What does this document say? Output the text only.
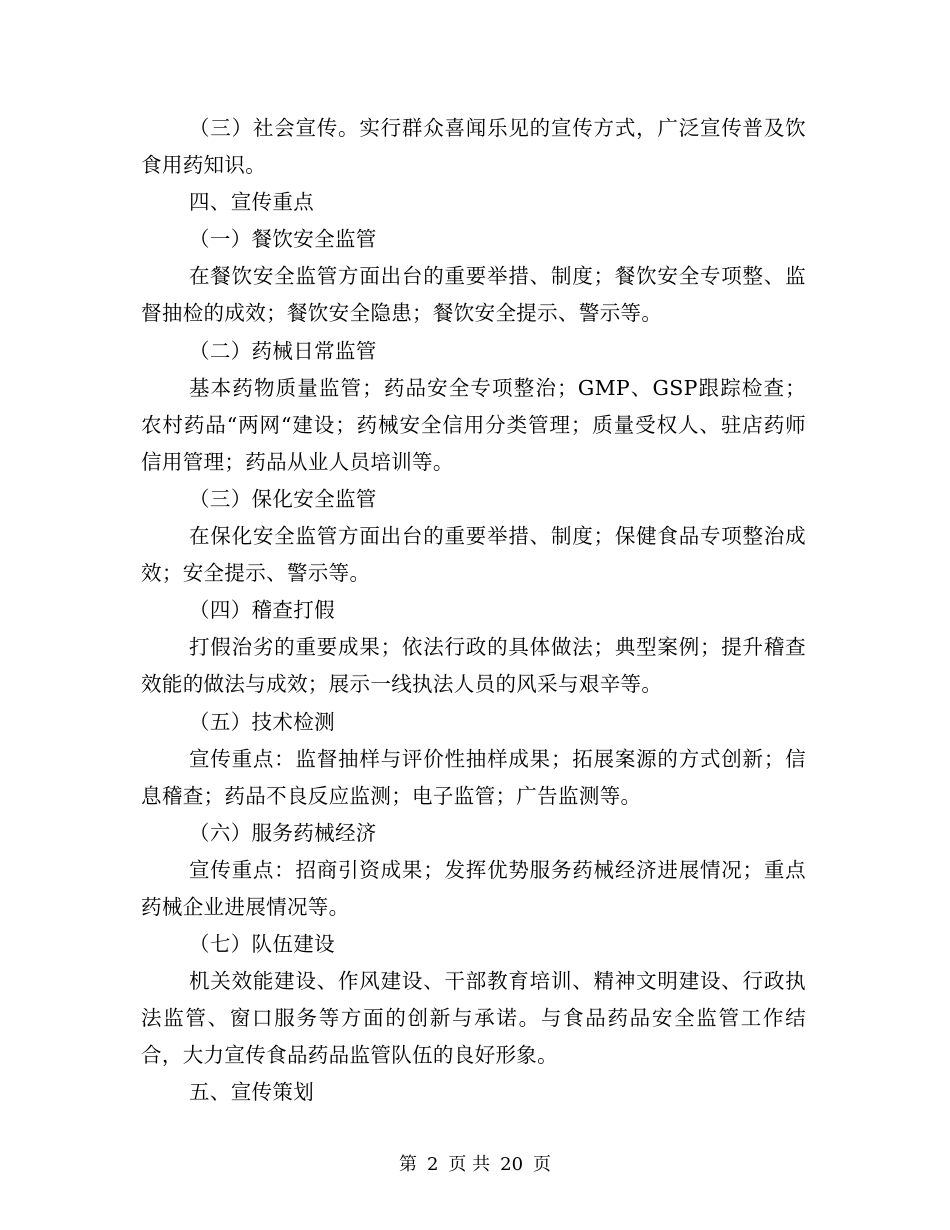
（三）社会宣传。实行群众喜闻乐见的宣传方式，广泛宣传普及饮食用药知识。

四、宣传重点

（一）餐饮安全监管

在餐饮安全监管方面出台的重要举措、制度；餐饮安全专项整、监督抽检的成效；餐饮安全隐患；餐饮安全提示、警示等。

（二）药械日常监管

基本药物质量监管；药品安全专项整治；GMP、GSP跟踪检查；农村药品“两网“建设；药械安全信用分类管理；质量受权人、驻店药师信用管理；药品从业人员培训等。

（三）保化安全监管

在保化安全监管方面出台的重要举措、制度；保健食品专项整治成效；安全提示、警示等。

（四）稽查打假

打假治劣的重要成果；依法行政的具体做法；典型案例；提升稽查效能的做法与成效；展示一线执法人员的风采与艰辛等。

（五）技术检测

宣传重点：监督抽样与评价性抽样成果；拓展案源的方式创新；信息稽查；药品不良反应监测；电子监管；广告监测等。

（六）服务药械经济

宣传重点：招商引资成果；发挥优势服务药械经济进展情况；重点药械企业进展情况等。

（七）队伍建设

机关效能建设、作风建设、干部教育培训、精神文明建设、行政执法监管、窗口服务等方面的创新与承诺。与食品药品安全监管工作结合，大力宣传食品药品监管队伍的良好形象。

五、宣传策划

第 2 页 共 20 页
